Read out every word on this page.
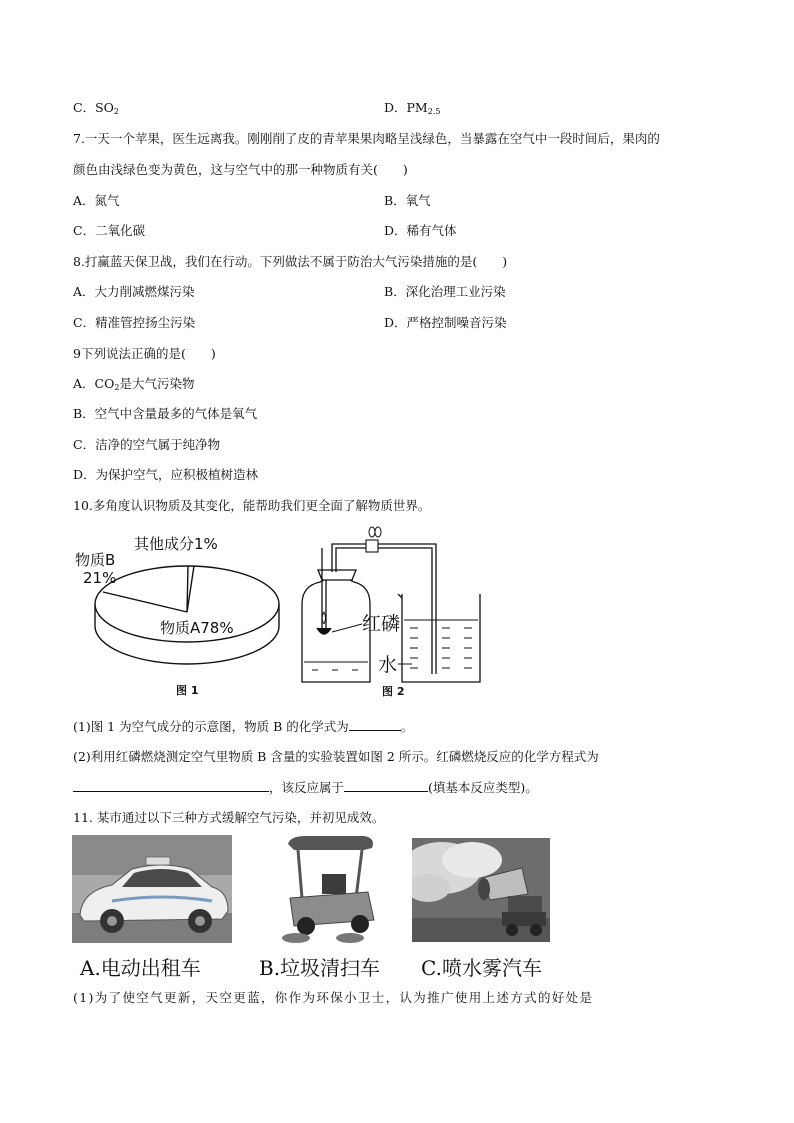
C．$SO_2$	D．$PM_{2.5}$
7.一天一个苹果，医生远离我。刚刚削了皮的青苹果果肉略呈浅绿色，当暴露在空气中一段时间后，果肉的
颜色由浅绿色变为黄色，这与空气中的那一种物质有关(　　)
A．氮气	B．氧气
C．二氧化碳	D．稀有气体
8.打赢蓝天保卫战，我们在行动。下列做法不属于防治大气污染措施的是(　　)
A．大力削减燃煤污染	B．深化治理工业污染
C．精准管控扬尘污染	D．严格控制噪音污染
9下列说法正确的是(　　)
A．$CO_2$是大气污染物
B．空气中含量最多的气体是氧气
C．洁净的空气属于纯净物
D．为保护空气，应积极植树造林
10.多角度认识物质及其变化，能帮助我们更全面了解物质世界。
其他成分1%
物质B
21%
物质A78%
图 1
红磷
水
图 2
(1)图 1 为空气成分的示意图，物质 B 的化学式为	。
(2)利用红磷燃烧测定空气里物质 B 含量的实验装置如图 2 所示。红磷燃烧反应的化学方程式为
，该反应属于	(填基本反应类型)。
11. 某市通过以下三种方式缓解空气污染，并初见成效。
A.电动出租车	B.垃圾清扫车 C.喷水雾汽车
(1)为了使空气更新，天空更蓝，你作为环保小卫士，认为推广使用上述方式的好处是
